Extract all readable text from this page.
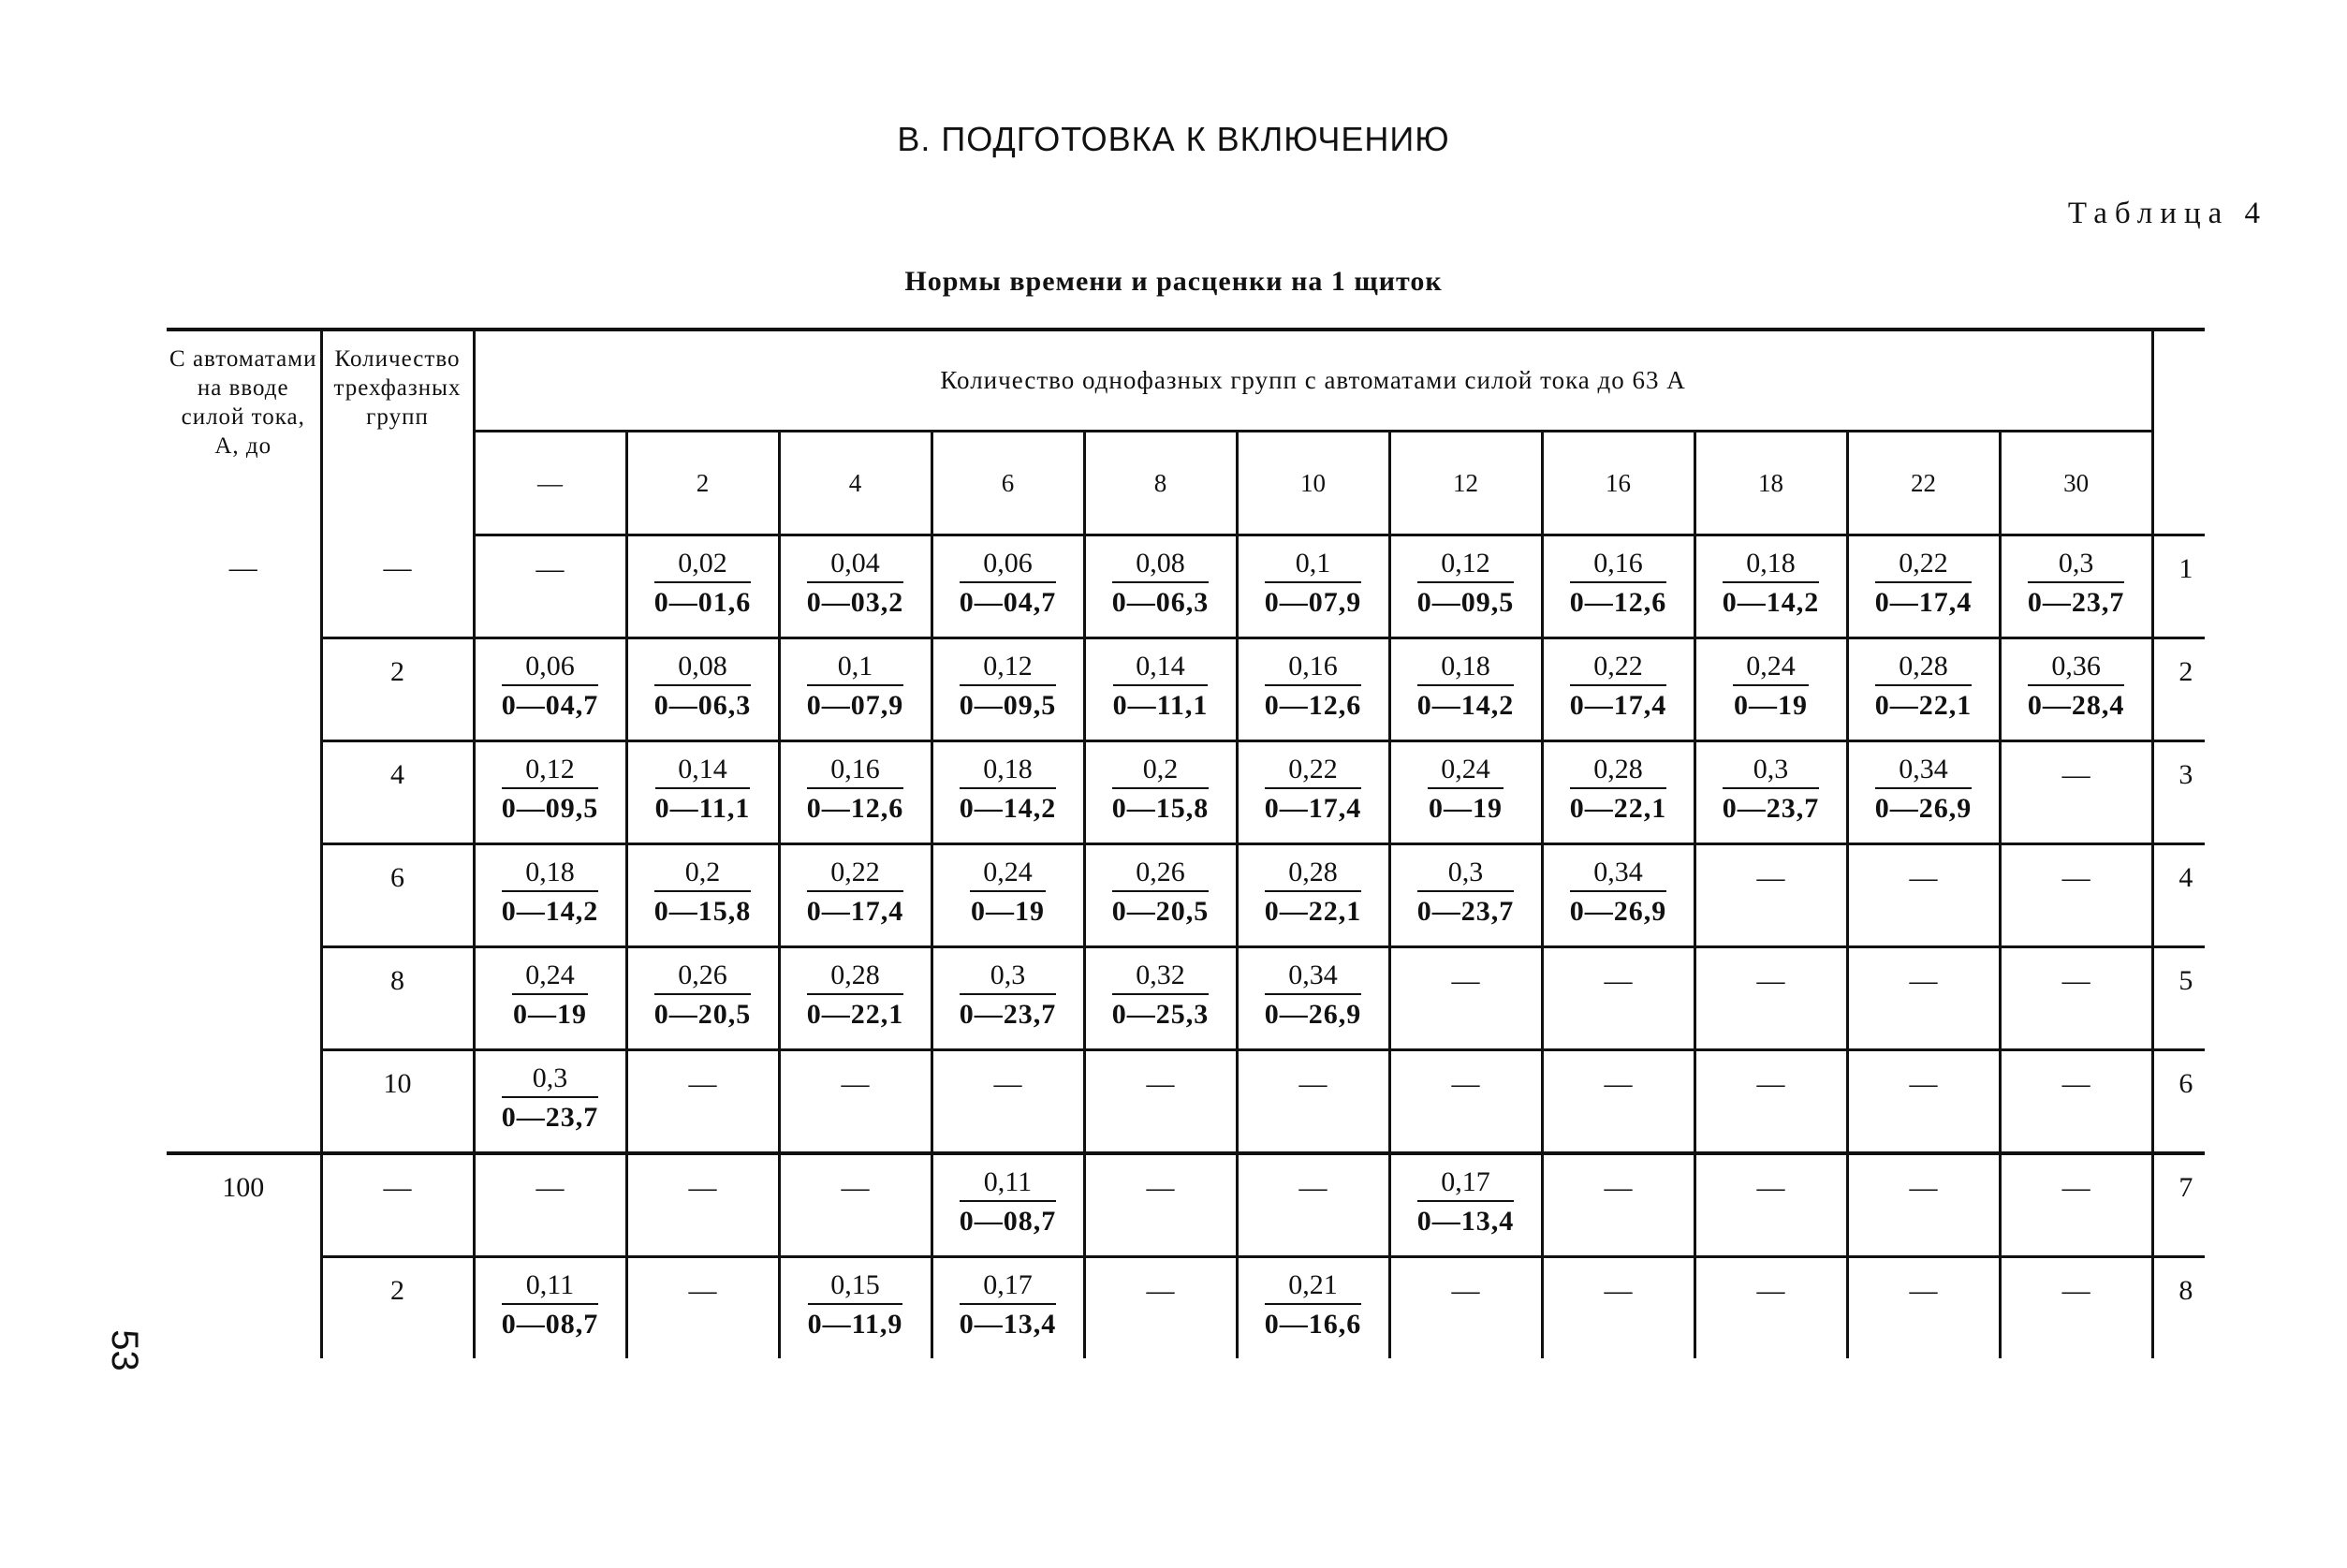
В. ПОДГОТОВКА К ВКЛЮЧЕНИЮ
Таблица 4
Нормы времени и расценки на 1 щиток
53
С автоматами на вводе силой тока, А, до	Количество трехфазных групп	Количество однофазных групп с автоматами силой тока до 63 А											
		—	2	4	6	8	10	12	16	18	22	30	
—	—	—	$\frac{0,02}{0—01,6}$	$\frac{0,04}{0—03,2}$	$\frac{0,06}{0—04,7}$	$\frac{0,08}{0—06,3}$	$\frac{0,1}{0—07,9}$	$\frac{0,12}{0—09,5}$	$\frac{0,16}{0—12,6}$	$\frac{0,18}{0—14,2}$	$\frac{0,22}{0—17,4}$	$\frac{0,3}{0—23,7}$	1
	2	$\frac{0,06}{0—04,7}$	$\frac{0,08}{0—06,3}$	$\frac{0,1}{0—07,9}$	$\frac{0,12}{0—09,5}$	$\frac{0,14}{0—11,1}$	$\frac{0,16}{0—12,6}$	$\frac{0,18}{0—14,2}$	$\frac{0,22}{0—17,4}$	$\frac{0,24}{0—19}$	$\frac{0,28}{0—22,1}$	$\frac{0,36}{0—28,4}$	2
	4	$\frac{0,12}{0—09,5}$	$\frac{0,14}{0—11,1}$	$\frac{0,16}{0—12,6}$	$\frac{0,18}{0—14,2}$	$\frac{0,2}{0—15,8}$	$\frac{0,22}{0—17,4}$	$\frac{0,24}{0—19}$	$\frac{0,28}{0—22,1}$	$\frac{0,3}{0—23,7}$	$\frac{0,34}{0—26,9}$	—	3
	6	$\frac{0,18}{0—14,2}$	$\frac{0,2}{0—15,8}$	$\frac{0,22}{0—17,4}$	$\frac{0,24}{0—19}$	$\frac{0,26}{0—20,5}$	$\frac{0,28}{0—22,1}$	$\frac{0,3}{0—23,7}$	$\frac{0,34}{0—26,9}$	—	—	—	4
	8	$\frac{0,24}{0—19}$	$\frac{0,26}{0—20,5}$	$\frac{0,28}{0—22,1}$	$\frac{0,3}{0—23,7}$	$\frac{0,32}{0—25,3}$	$\frac{0,34}{0—26,9}$	—	—	—	—	—	5
	10	$\frac{0,3}{0—23,7}$	—	—	—	—	—	—	—	—	—	—	6
100	—	—	—	—	$\frac{0,11}{0—08,7}$	—	—	$\frac{0,17}{0—13,4}$	—	—	—	—	7
	2	$\frac{0,11}{0—08,7}$	—	$\frac{0,15}{0—11,9}$	$\frac{0,17}{0—13,4}$	—	$\frac{0,21}{0—16,6}$	—	—	—	—	—	8
